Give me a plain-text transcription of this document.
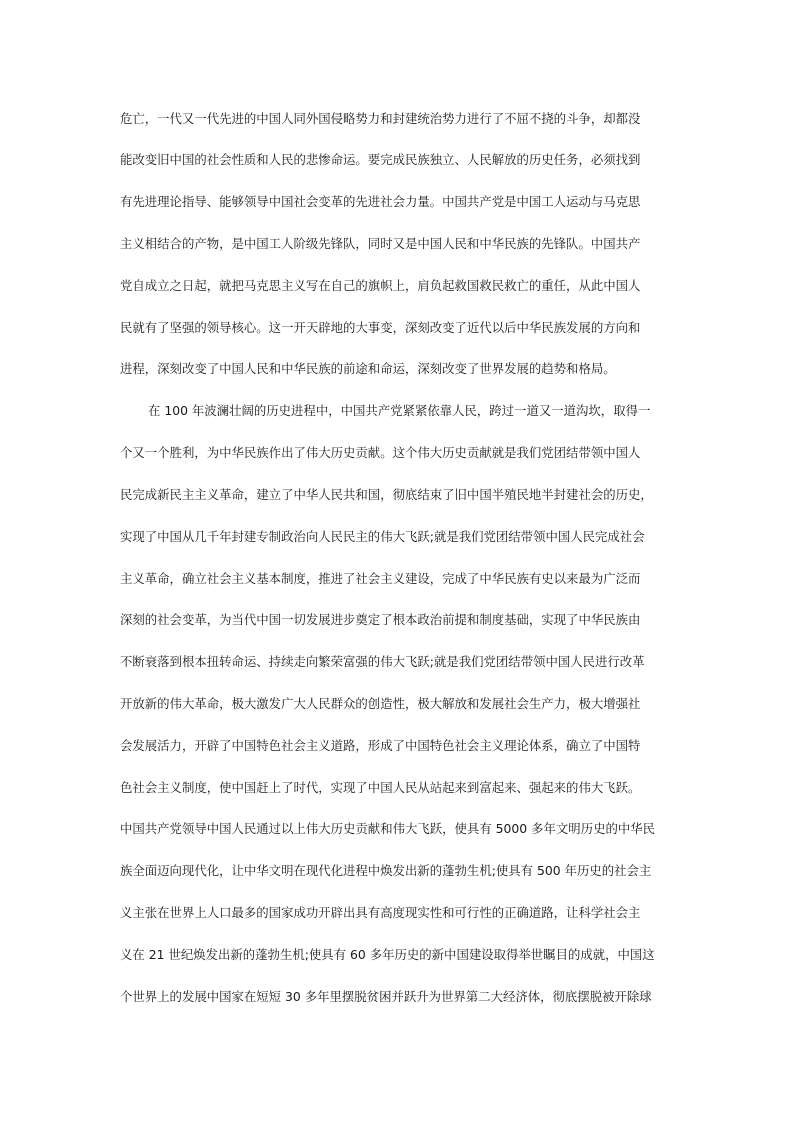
危亡，一代又一代先进的中国人同外国侵略势力和封建统治势力进行了不屈不挠的斗争，却都没
能改变旧中国的社会性质和人民的悲惨命运。要完成民族独立、人民解放的历史任务，必须找到
有先进理论指导、能够领导中国社会变革的先进社会力量。中国共产党是中国工人运动与马克思
主义相结合的产物，是中国工人阶级先锋队，同时又是中国人民和中华民族的先锋队。中国共产
党自成立之日起，就把马克思主义写在自己的旗帜上，肩负起救国救民救亡的重任，从此中国人
民就有了坚强的领导核心。这一开天辟地的大事变，深刻改变了近代以后中华民族发展的方向和
进程，深刻改变了中国人民和中华民族的前途和命运，深刻改变了世界发展的趋势和格局。
在 100 年波澜壮阔的历史进程中，中国共产党紧紧依靠人民，跨过一道又一道沟坎，取得一
个又一个胜利，为中华民族作出了伟大历史贡献。这个伟大历史贡献就是我们党团结带领中国人
民完成新民主主义革命，建立了中华人民共和国，彻底结束了旧中国半殖民地半封建社会的历史，
实现了中国从几千年封建专制政治向人民民主的伟大飞跃;就是我们党团结带领中国人民完成社会
主义革命，确立社会主义基本制度，推进了社会主义建设，完成了中华民族有史以来最为广泛而
深刻的社会变革，为当代中国一切发展进步奠定了根本政治前提和制度基础，实现了中华民族由
不断衰落到根本扭转命运、持续走向繁荣富强的伟大飞跃;就是我们党团结带领中国人民进行改革
开放新的伟大革命，极大激发广大人民群众的创造性，极大解放和发展社会生产力，极大增强社
会发展活力，开辟了中国特色社会主义道路，形成了中国特色社会主义理论体系，确立了中国特
色社会主义制度，使中国赶上了时代，实现了中国人民从站起来到富起来、强起来的伟大飞跃。
中国共产党领导中国人民通过以上伟大历史贡献和伟大飞跃，使具有 5000 多年文明历史的中华民
族全面迈向现代化，让中华文明在现代化进程中焕发出新的蓬勃生机;使具有 500 年历史的社会主
义主张在世界上人口最多的国家成功开辟出具有高度现实性和可行性的正确道路，让科学社会主
义在 21 世纪焕发出新的蓬勃生机;使具有 60 多年历史的新中国建设取得举世瞩目的成就，中国这
个世界上的发展中国家在短短 30 多年里摆脱贫困并跃升为世界第二大经济体，彻底摆脱被开除球
